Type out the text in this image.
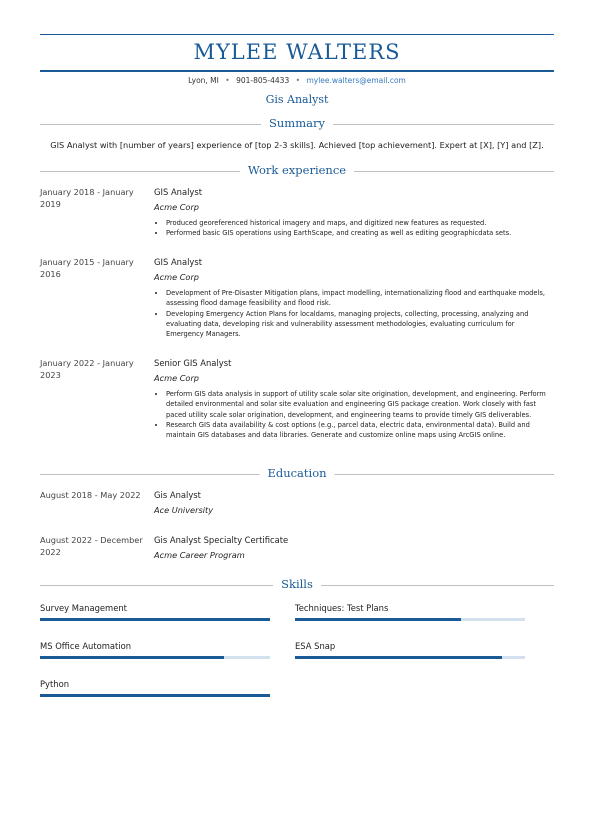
MYLEE WALTERS
Lyon, MI • 901-805-4433 • mylee.walters@email.com
Gis Analyst
Summary
GIS Analyst with [number of years] experience of [top 2-3 skills]. Achieved [top achievement]. Expert at [X], [Y] and [Z].
Work experience
January 2018 - January 2019
GIS Analyst
Acme Corp
• Produced georeferenced historical imagery and maps, and digitized new features as requested.
• Performed basic GIS operations using EarthScape, and creating as well as editing geographicdata sets.
January 2015 - January 2016
GIS Analyst
Acme Corp
• Development of Pre-Disaster Mitigation plans, impact modelling, internationalizing flood and earthquake models, assessing flood damage feasibility and flood risk.
• Developing Emergency Action Plans for localdams, managing projects, collecting, processing, analyzing and evaluating data, developing risk and vulnerability assessment methodologies, evaluating curriculum for Emergency Managers.
January 2022 - January 2023
Senior GIS Analyst
Acme Corp
• Perform GIS data analysis in support of utility scale solar site origination, development, and engineering. Perform detailed environmental and solar site evaluation and engineering GIS package creation. Work closely with fast paced utility scale solar origination, development, and engineering teams to provide timely GIS deliverables.
• Research GIS data availability & cost options (e.g., parcel data, electric data, environmental data). Build and maintain GIS databases and data libraries. Generate and customize online maps using ArcGIS online.
Education
August 2018 - May 2022	Gis Analyst
Ace University
August 2022 - December 2022
Gis Analyst Specialty Certificate
Acme Career Program
Skills
Survey Management	Techniques: Test Plans
MS Office Automation	ESA Snap
Python
